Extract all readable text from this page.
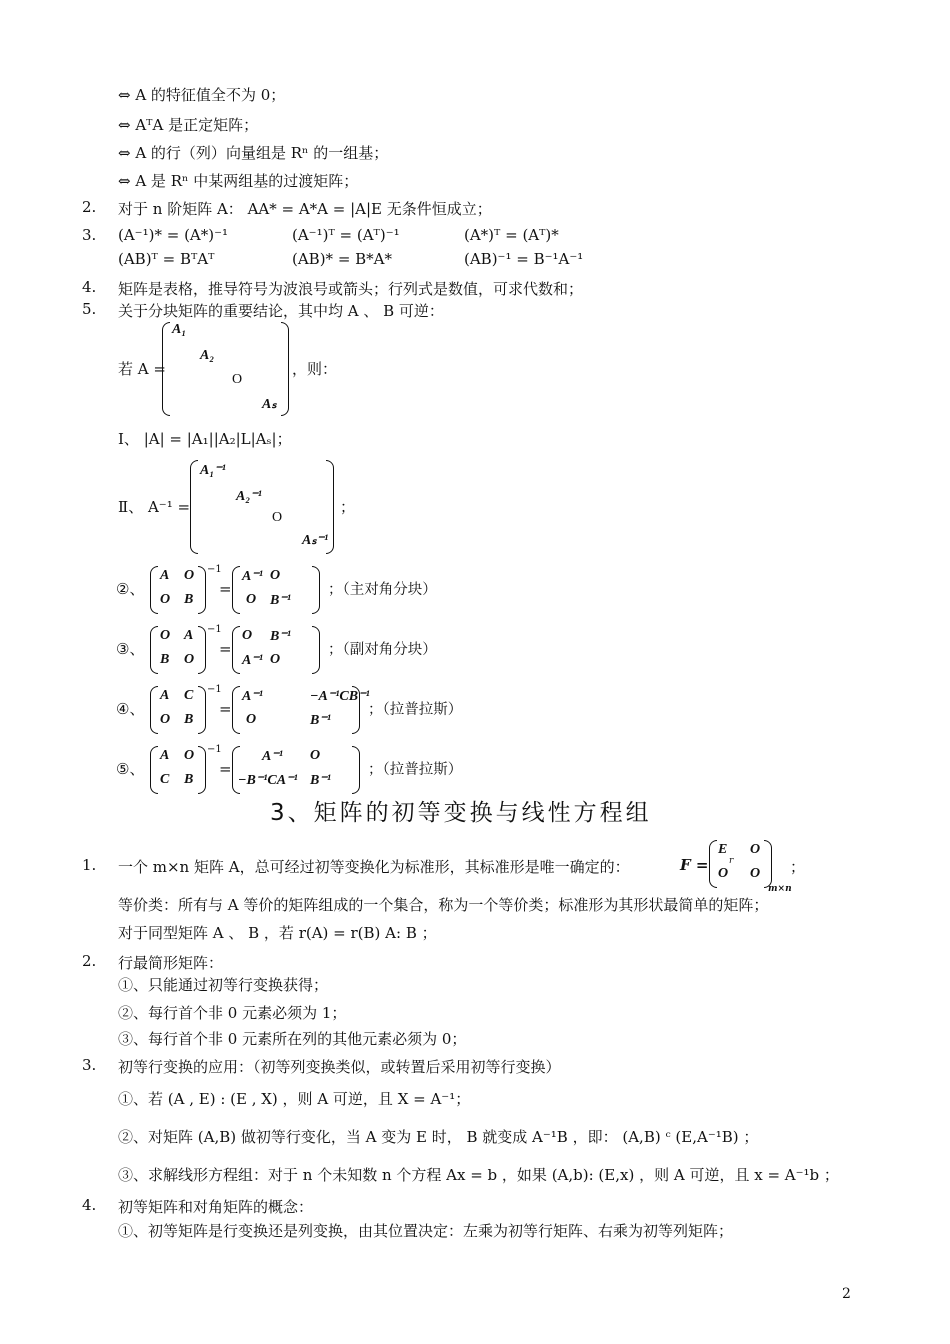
⇔ A 的特征值全不为 0；
⇔ AᵀA 是正定矩阵；
⇔ A 的行（列）向量组是 Rⁿ 的一组基；
⇔ A 是 Rⁿ 中某两组基的过渡矩阵；
2. 对于 n 阶矩阵 A： AA* = A*A = |A|E 无条件恒成立；
3. (A⁻¹)* = (A*)⁻¹	(A⁻¹)ᵀ = (Aᵀ)⁻¹	(A*)ᵀ = (Aᵀ)*
(AB)ᵀ = BᵀAᵀ	(AB)* = B*A*	(AB)⁻¹ = B⁻¹A⁻¹
4. 矩阵是表格，推导符号为波浪号或箭头；行列式是数值，可求代数和；
5. 关于分块矩阵的重要结论，其中均 A 、 B 可逆：
若 A =
A₁
A₂
O
Aₛ
，则：
Ⅰ、 |A| = |A₁||A₂|L|Aₛ|；
Ⅱ、 A⁻¹ =
A₁⁻¹
A₂⁻¹
O
Aₛ⁻¹
；
②、
A O
O B
−1
=
A⁻¹ O
O B⁻¹
；（主对角分块）
③、
O A
B O
−1
=
O B⁻¹
A⁻¹ O
；（副对角分块）
④、
A C
O B
−1
=
A⁻¹	−A⁻¹CB⁻¹
O	B⁻¹
；（拉普拉斯）
⑤、
A O
C B
−1
=
A⁻¹ O
−B⁻¹CA⁻¹ B⁻¹
；（拉普拉斯）
3、矩阵的初等变换与线性方程组
1. 一个 m×n 矩阵 A，总可经过初等变换化为标准形，其标准形是唯一确定的：	F =
E O
O O
r
m×n
；
等价类：所有与 A 等价的矩阵组成的一个集合，称为一个等价类；标准形为其形状最简单的矩阵；
对于同型矩阵 A 、 B ，若 r(A) = r(B) A: B ；
2. 行最简形矩阵：
①、只能通过初等行变换获得；
②、每行首个非 0 元素必须为 1；
③、每行首个非 0 元素所在列的其他元素必须为 0；
3. 初等行变换的应用：（初等列变换类似，或转置后采用初等行变换）
①、若 (A , E) : (E , X) ，则 A 可逆，且 X = A⁻¹；
②、对矩阵 (A,B) 做初等行变化，当 A 变为 E 时， B 就变成 A⁻¹B ，即： (A,B) ᶜ (E,A⁻¹B) ；
③、求解线形方程组：对于 n 个未知数 n 个方程 Ax = b ，如果 (A,b): (E,x) ，则 A 可逆，且 x = A⁻¹b ；
4. 初等矩阵和对角矩阵的概念：
①、初等矩阵是行变换还是列变换，由其位置决定：左乘为初等行矩阵、右乘为初等列矩阵；
2
